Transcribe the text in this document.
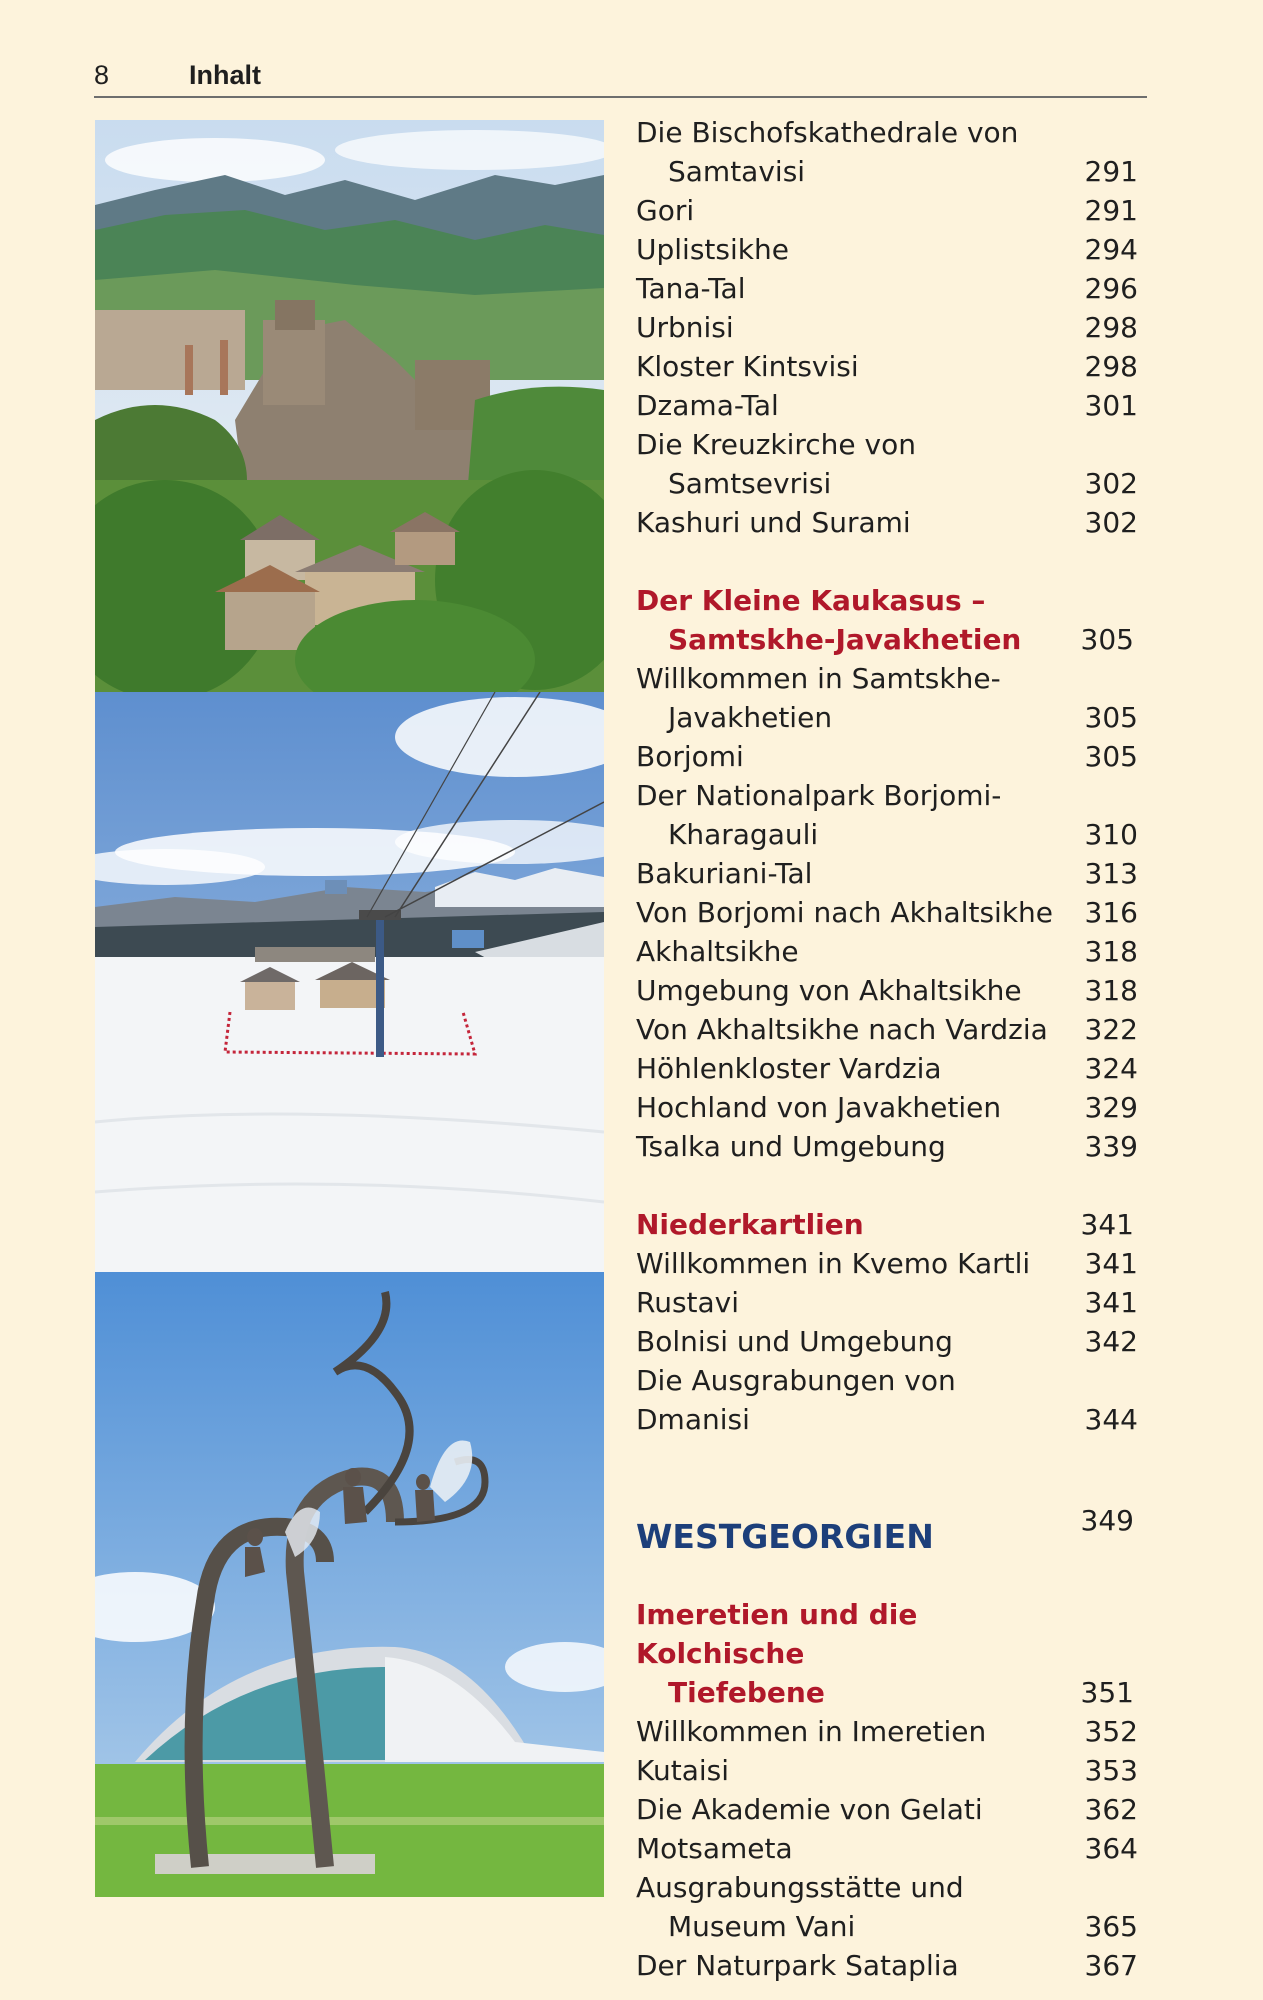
8	Inhalt
Die Bischofskathedrale von
Samtavisi	291
Gori	291
Uplistsikhe	294
Tana-Tal	296
Urbnisi	298
Kloster Kintsvisi	298
Dzama-Tal	301
Die Kreuzkirche von
Samtsevrisi	302
Kashuri und Surami	302
Der Kleine Kaukasus –
Samtskhe-Javakhetien	305
Willkommen in Samtskhe-
Javakhetien	305
Borjomi	305
Der Nationalpark Borjomi-
Kharagauli	310
Bakuriani-Tal	313
Von Borjomi nach Akhaltsikhe 316
Akhaltsikhe	318
Umgebung von Akhaltsikhe 318
Von Akhaltsikhe nach Vardzia 322
Höhlenkloster Vardzia	324
Hochland von Javakhetien	329
Tsalka und Umgebung	339
Niederkartlien	341
Willkommen in Kvemo Kartli 341
Rustavi	341
Bolnisi und Umgebung	342
Die Ausgrabungen von Dmanisi	344
WESTGEORGIEN	349
Imeretien und die Kolchische
Tiefebene	351
Willkommen in Imeretien	352
Kutaisi	353
Die Akademie von Gelati	362
Motsameta	364
Ausgrabungsstätte und
Museum Vani	365
Der Naturpark Sataplia	367
